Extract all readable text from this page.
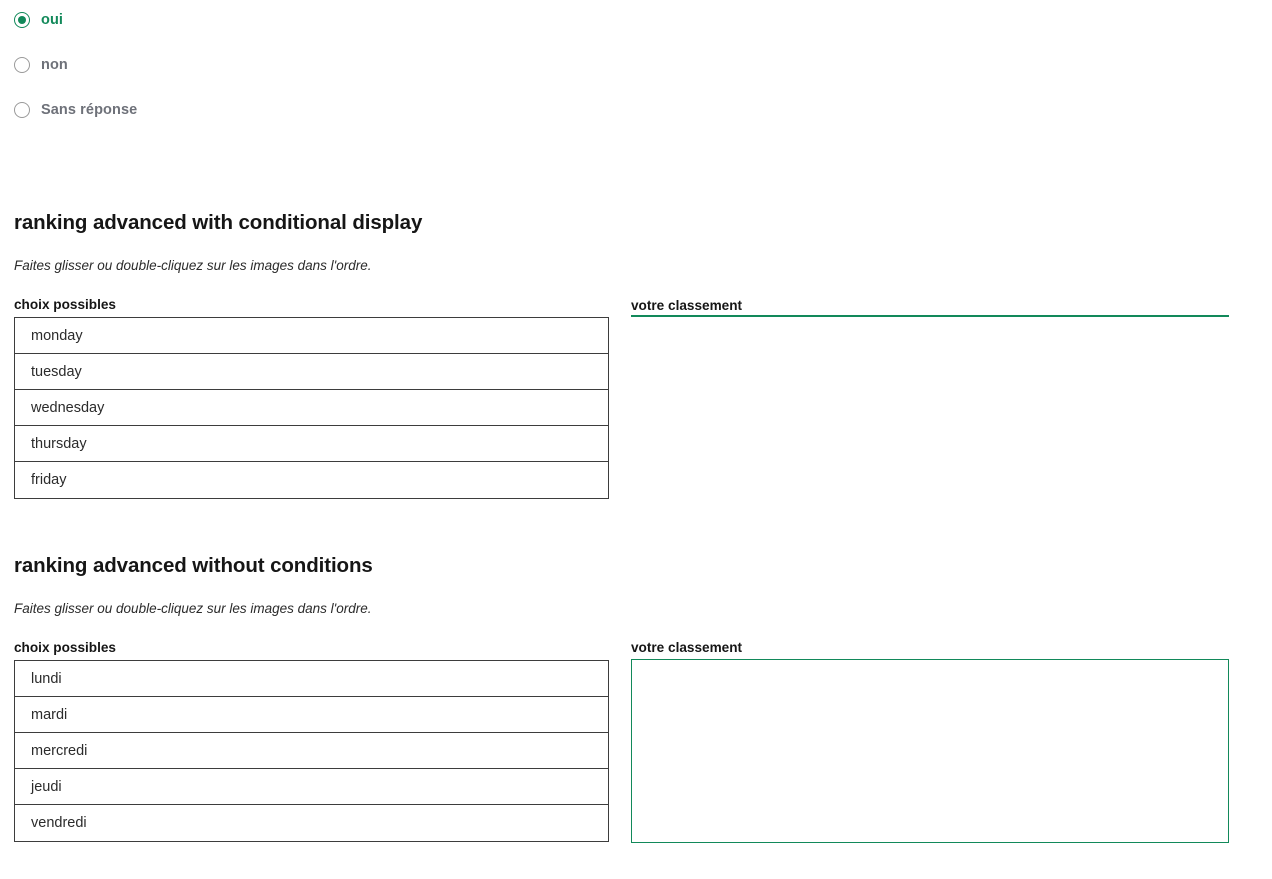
oui
non
Sans réponse
ranking advanced with conditional display
Faites glisser ou double-cliquez sur les images dans l'ordre.
choix possibles	votre classement
monday
tuesday
wednesday
thursday
friday
ranking advanced without conditions
Faites glisser ou double-cliquez sur les images dans l'ordre.
choix possibles	votre classement
lundi
mardi
mercredi
jeudi
vendredi
